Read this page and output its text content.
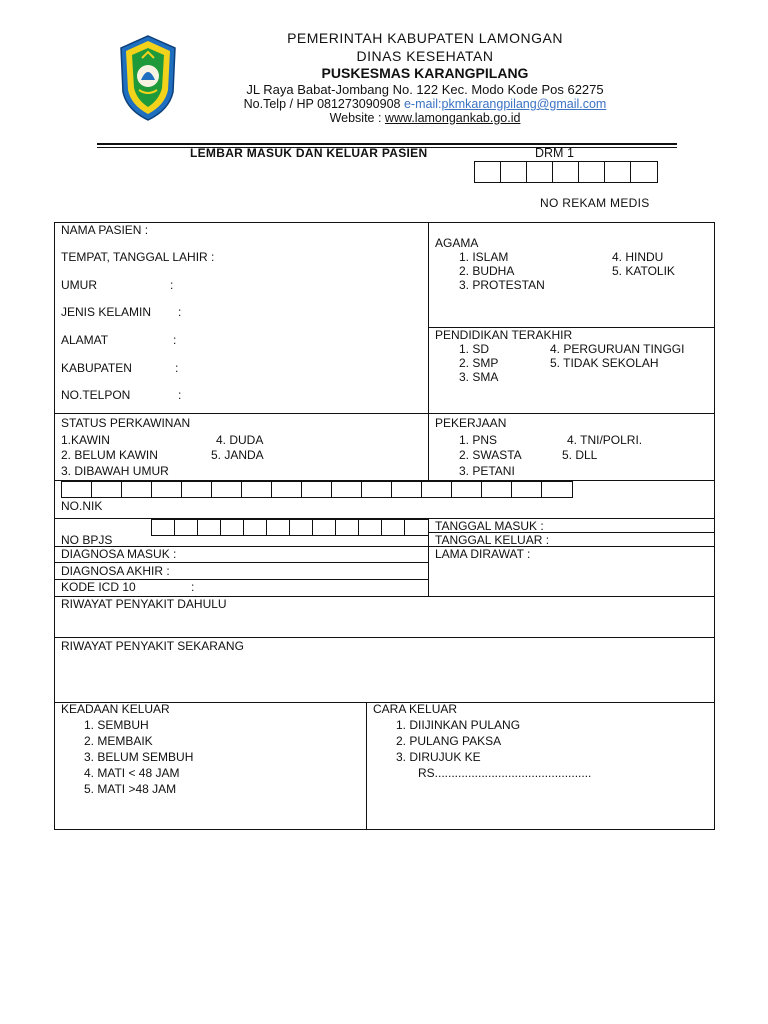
PEMERINTAH KABUPATEN LAMONGAN
DINAS KESEHATAN
PUSKESMAS KARANGPILANG
JL Raya Babat-Jombang No. 122 Kec. Modo Kode Pos 62275
No.Telp / HP 081273090908 e-mail:pkmkarangpilang@gmail.com
Website : www.lamongankab.go.id
LEMBAR MASUK DAN KELUAR PASIEN	DRM 1
NO REKAM MEDIS
NAMA PASIEN :
TEMPAT, TANGGAL LAHIR :
UMUR	:
JENIS KELAMIN :
ALAMAT	:
KABUPATEN	:
NO.TELPON	:
AGAMA
1. ISLAM
2. BUDHA
3. PROTESTAN
4. HINDU
5. KATOLIK
PENDIDIKAN TERAKHIR
1. SD
2. SMP
3. SMA
4. PERGURUAN TINGGI
5. TIDAK SEKOLAH
STATUS PERKAWINAN
1.KAWIN
2. BELUM KAWIN
3. DIBAWAH UMUR
4. DUDA
5. JANDA
PEKERJAAN
1. PNS
2. SWASTA
3. PETANI
4. TNI/POLRI.
5. DLL
NO.NIK
NO BPJS
TANGGAL MASUK :
TANGGAL KELUAR :
LAMA DIRAWAT :
DIAGNOSA MASUK :
DIAGNOSA AKHIR :
KODE ICD 10	:
RIWAYAT PENYAKIT DAHULU
RIWAYAT PENYAKIT SEKARANG
KEADAAN KELUAR
1. SEMBUH
2. MEMBAIK
3. BELUM SEMBUH
4. MATI < 48 JAM
5. MATI >48 JAM
CARA KELUAR
1. DIIJINKAN PULANG
2. PULANG PAKSA
3. DIRUJUK KE
RS...............................................
